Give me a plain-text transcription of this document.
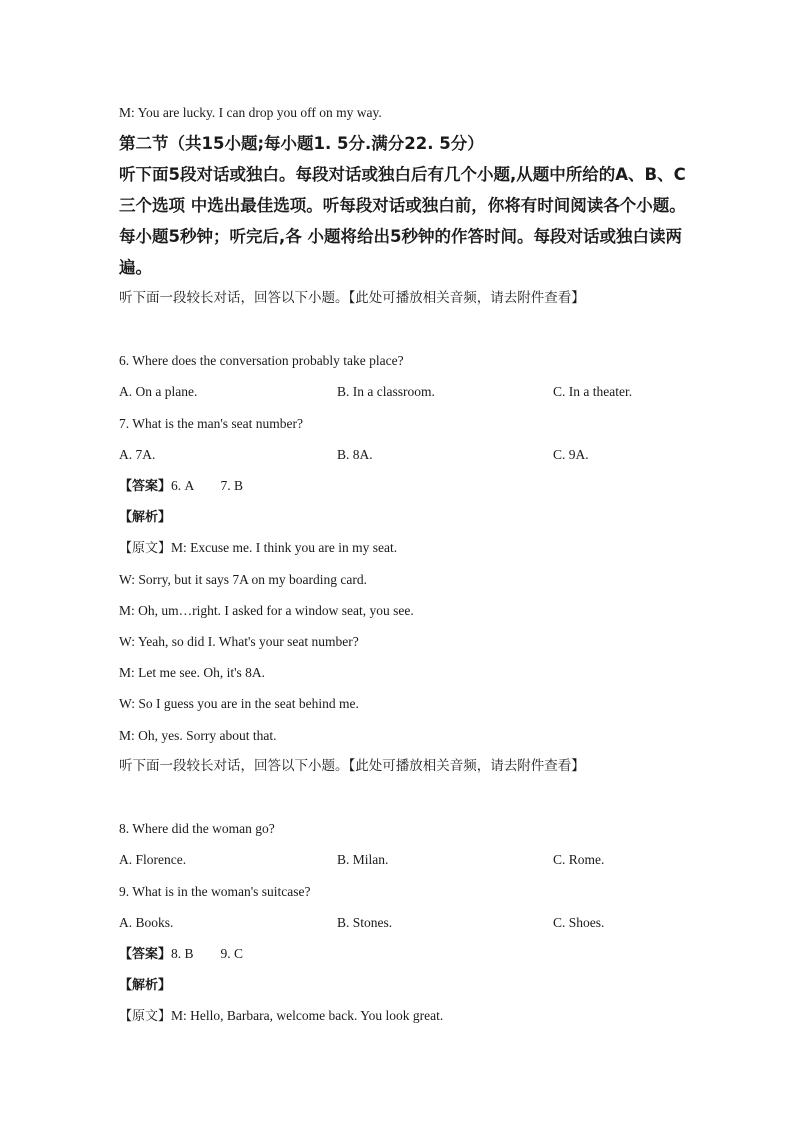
M: You are lucky. I can drop you off on my way.
第二节（共15小题;每小题1. 5分.满分22. 5分）
听下面5段对话或独白。每段对话或独白后有几个小题,从题中所给的A、B、C
三个选项 中选出最佳选项。听每段对话或独白前，你将有时间阅读各个小题。
每小题5秒钟；听完后,各 小题将给出5秒钟的作答时间。每段对话或独白读两
遍。
听下面一段较长对话，回答以下小题。【此处可播放相关音频，请去附件查看】
6. Where does the conversation probably take place?
A. On a plane.	B. In a classroom.	C. In a theater.
7. What is the man's seat number?
A. 7A.	B. 8A.	C. 9A.
【答案】6. A        7. B
【解析】
【原文】M: Excuse me. I think you are in my seat.
W: Sorry, but it says 7A on my boarding card.
M: Oh, um…right. I asked for a window seat, you see.
W: Yeah, so did I. What's your seat number?
M: Let me see. Oh, it's 8A.
W: So I guess you are in the seat behind me.
M: Oh, yes. Sorry about that.
听下面一段较长对话，回答以下小题。【此处可播放相关音频，请去附件查看】
8. Where did the woman go?
A. Florence.	B. Milan.	C. Rome.
9. What is in the woman's suitcase?
A. Books.	B. Stones.	C. Shoes.
【答案】8. B        9. C
【解析】
【原文】M: Hello, Barbara, welcome back. You look great.
